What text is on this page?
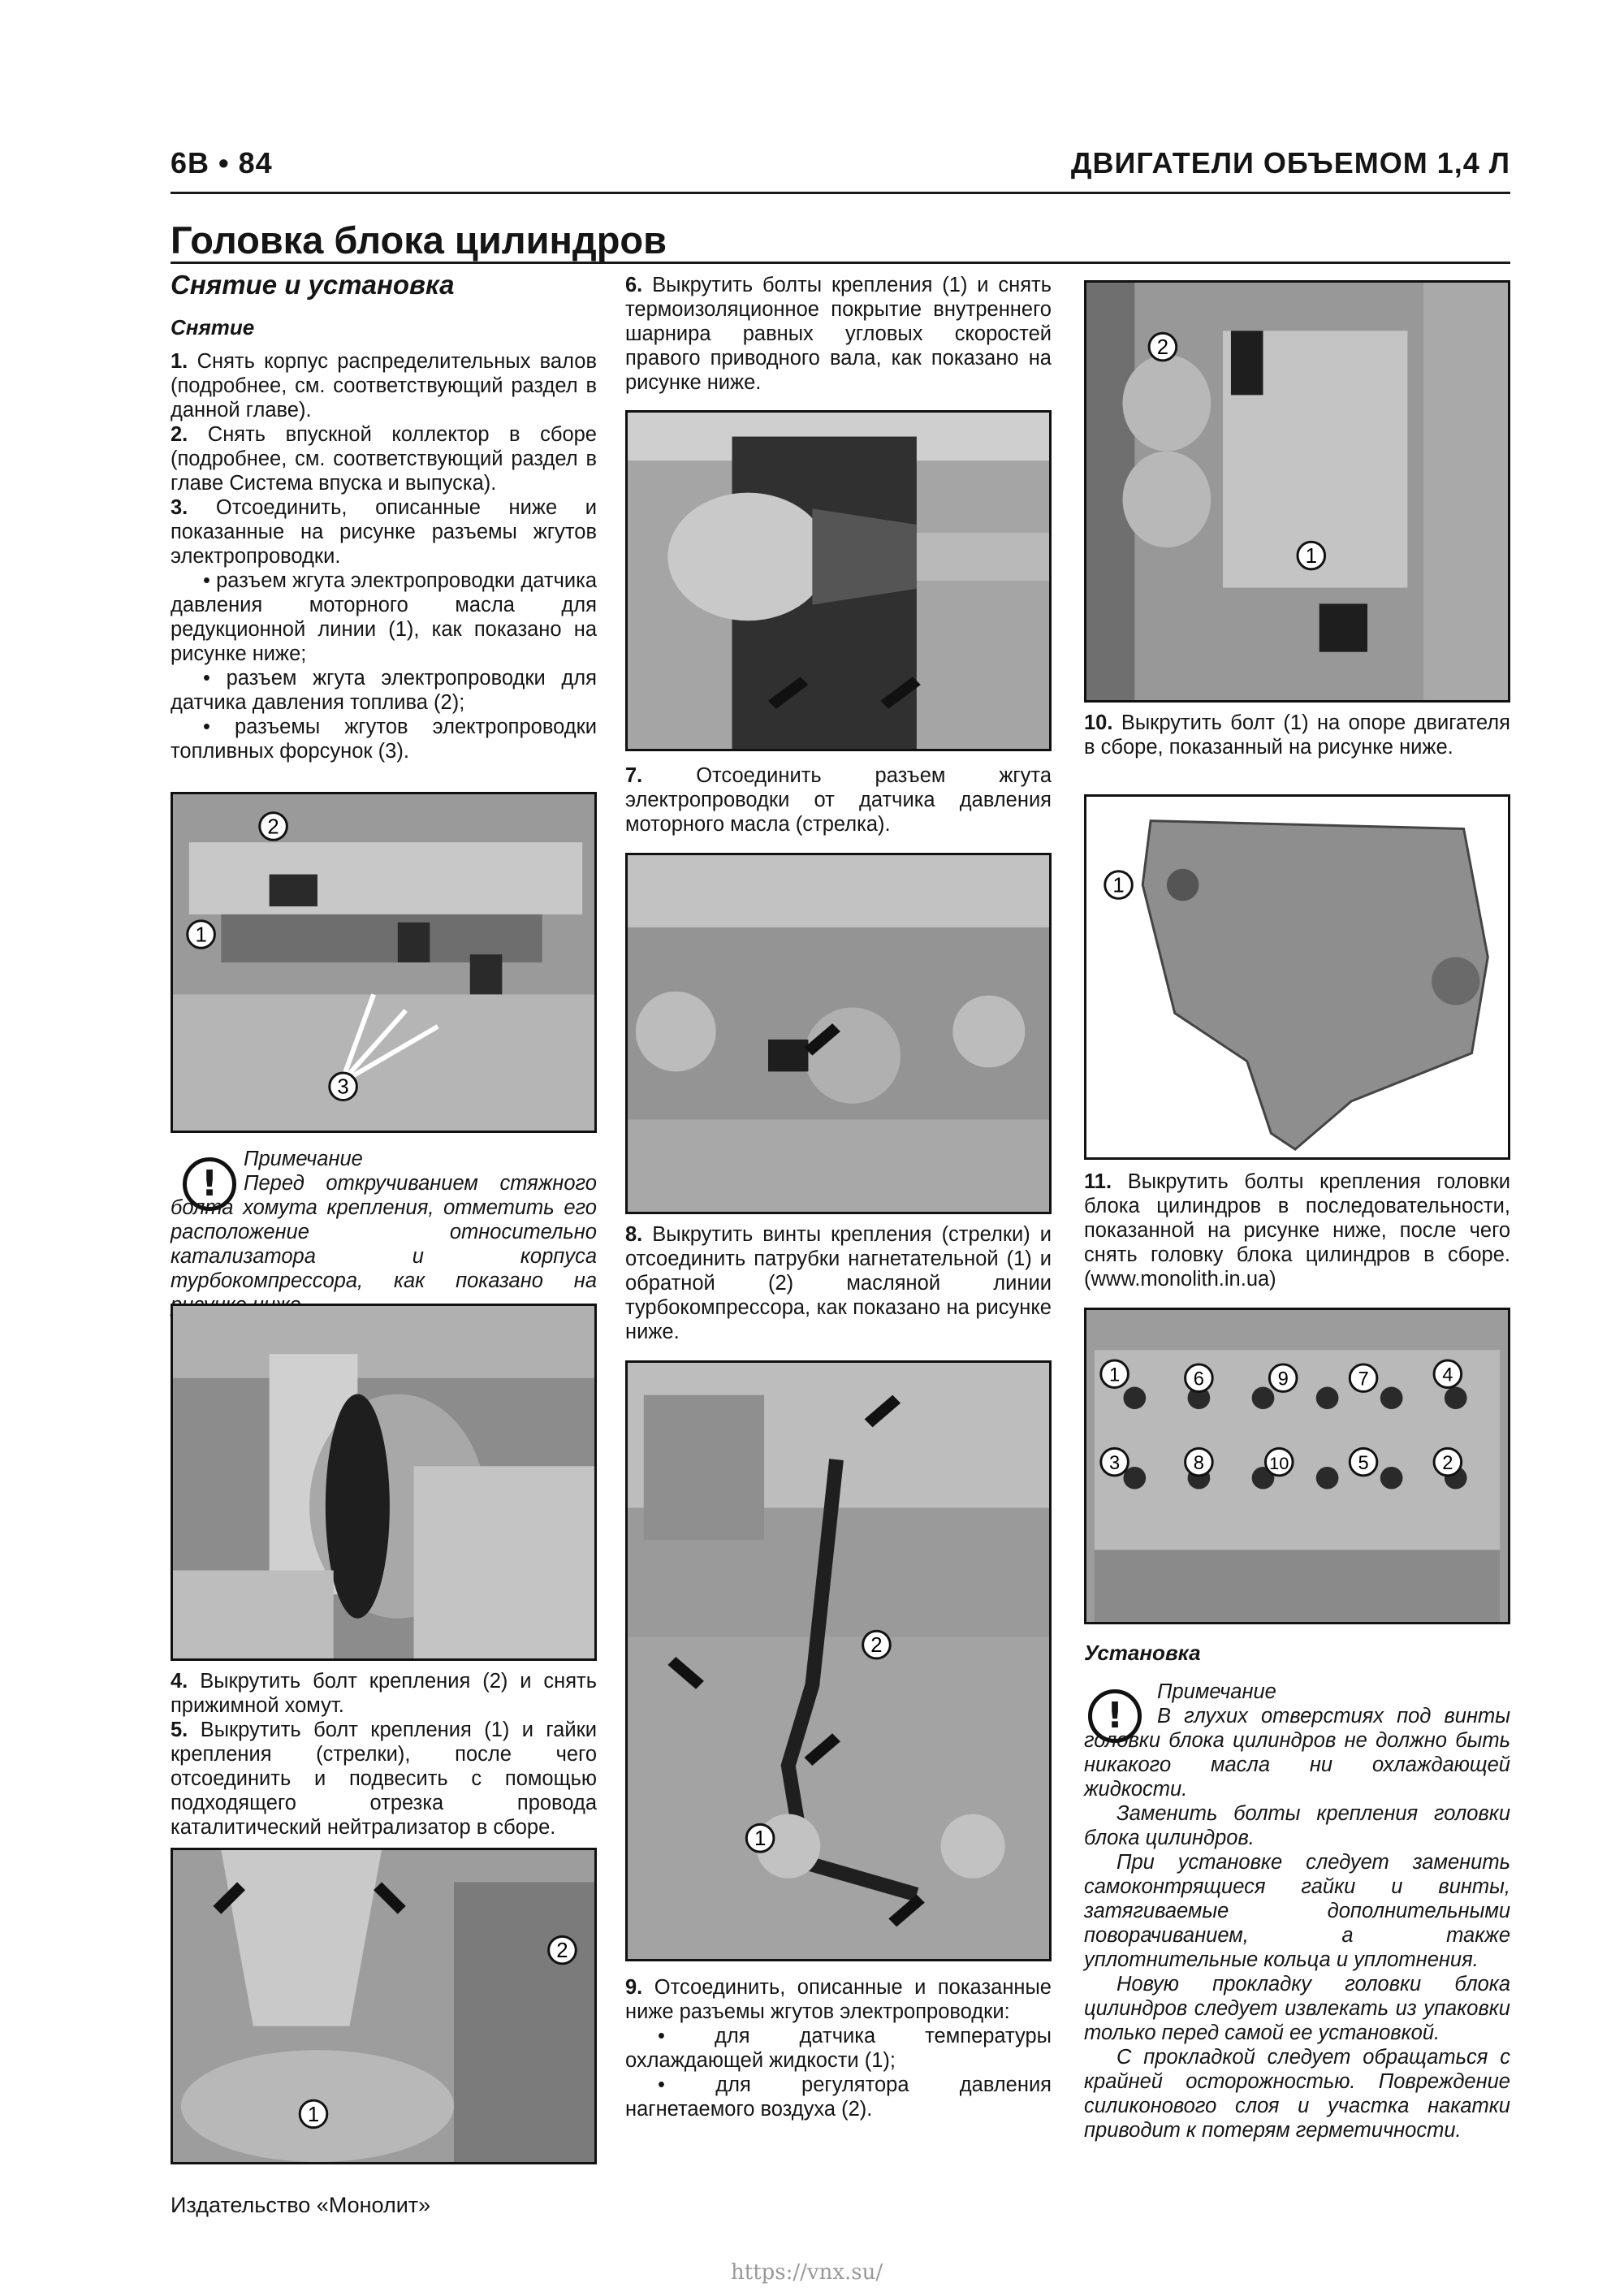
6В • 84	ДВИГАТЕЛИ ОБЪЕМОМ 1,4 Л
Головка блока цилиндров

Снятие и установка

Снятие

1. Снять корпус распределительных валов (подробнее, см. соответствующий раздел в данной главе).

2. Снять впускной коллектор в сборе (подробнее, см. соответствующий раздел в главе Система впуска и выпуска).

3. Отсоединить, описанные ниже и показанные на рисунке разъемы жгутов электропроводки.

• разъем жгута электропроводки датчика давления моторного масла для редукционной линии (1), как показано на рисунке ниже;

• разъем жгута электропроводки для датчика давления топлива (2);

• разъемы жгутов электропроводки топливных форсунок (3).

2
1
3
!

Примечание

Перед откручиванием стяжного болта хомута крепления, отметить его расположение относительно катализатора и корпуса турбокомпрессора, как показано на

4. Выкрутить болт крепления (2) и снять прижимной хомут.

5. Выкрутить болт крепления (1) и гайки крепления (стрелки), после чего отсоединить и подвесить с помощью подходящего отрезка провода каталитический нейтрализатор в сборе.

2
1

6. Выкрутить болты крепления (1) и снять термоизоляционное покрытие внутреннего шарнира равных угловых скоростей правого приводного вала, как показано на рисунке ниже.

7.	Отсоединить разъем жгута электропроводки от датчика давления моторного масла (стрелка).

8. Выкрутить винты крепления (стрелки) и отсоединить патрубки нагнетательной (1) и обратной (2) масляной линии турбокомпрессора, как показано на рисунке ниже.

2
1

9. Отсоединить, описанные и показанные ниже разъемы жгутов электропроводки:

• для датчика температуры охлаждающей жидкости (1);

• для регулятора давления нагнетаемого воздуха (2).

2
1

10. Выкрутить болт (1) на опоре двигателя в сборе, показанный на рисунке ниже.

1

11. Выкрутить болты крепления головки блока цилиндров в последовательности, показанной на рисунке ниже, после чего снять головку блока цилиндров в сборе. (www.monolith.in.ua)

1	6	9	7	4
3	8	10	5	2

Установка

!

Примечание

В глухих отверстиях под винты головки блока цилиндров не должно быть никакого масла ни охлаждающей жидкости.

Заменить болты крепления головки блока цилиндров.

При установке следует заменить самоконтрящиеся гайки и винты, затягиваемые дополнительными поворачиванием, а также уплотнительные кольца и уплотнения.

Новую прокладку головки блока цилиндров следует извлекать из упаковки только перед самой ее установкой.

С прокладкой следует обращаться с крайней осторожностью. Повреждение силиконового слоя и участка накатки приводит к потерям герметичности.

Издательство «Монолит»
https://vnx.su/
